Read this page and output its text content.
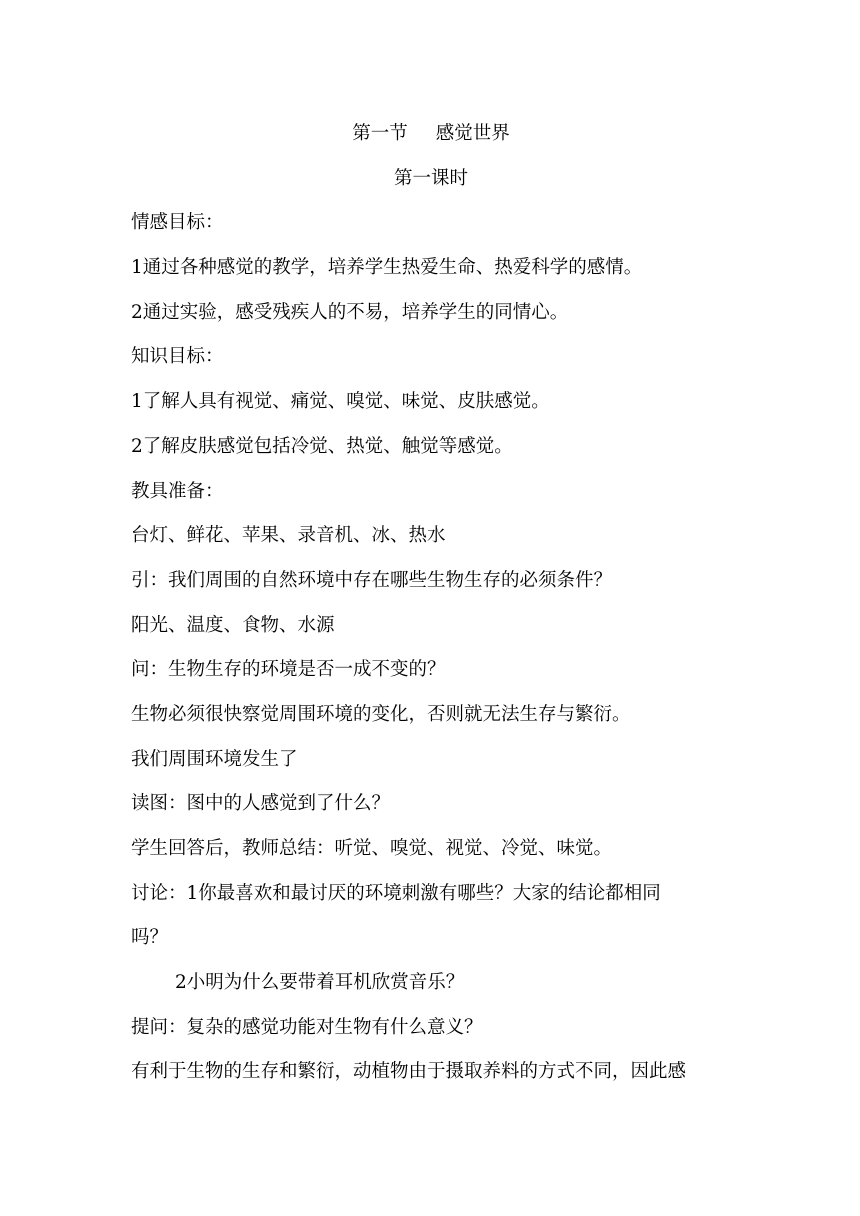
第一节 感觉世界

第一课时

情感目标：

1通过各种感觉的教学，培养学生热爱生命、热爱科学的感情。

2通过实验，感受残疾人的不易，培养学生的同情心。

知识目标：

1了解人具有视觉、痛觉、嗅觉、味觉、皮肤感觉。

2了解皮肤感觉包括冷觉、热觉、触觉等感觉。

教具准备：

台灯、鲜花、苹果、录音机、冰、热水

引：我们周围的自然环境中存在哪些生物生存的必须条件？

阳光、温度、食物、水源

问：生物生存的环境是否一成不变的？

生物必须很快察觉周围环境的变化，否则就无法生存与繁衍。

我们周围环境发生了

读图：图中的人感觉到了什么？

学生回答后，教师总结：听觉、嗅觉、视觉、冷觉、味觉。

讨论：1你最喜欢和最讨厌的环境刺激有哪些？大家的结论都相同

吗？

2小明为什么要带着耳机欣赏音乐？

提问：复杂的感觉功能对生物有什么意义？

有利于生物的生存和繁衍，动植物由于摄取养料的方式不同，因此感
